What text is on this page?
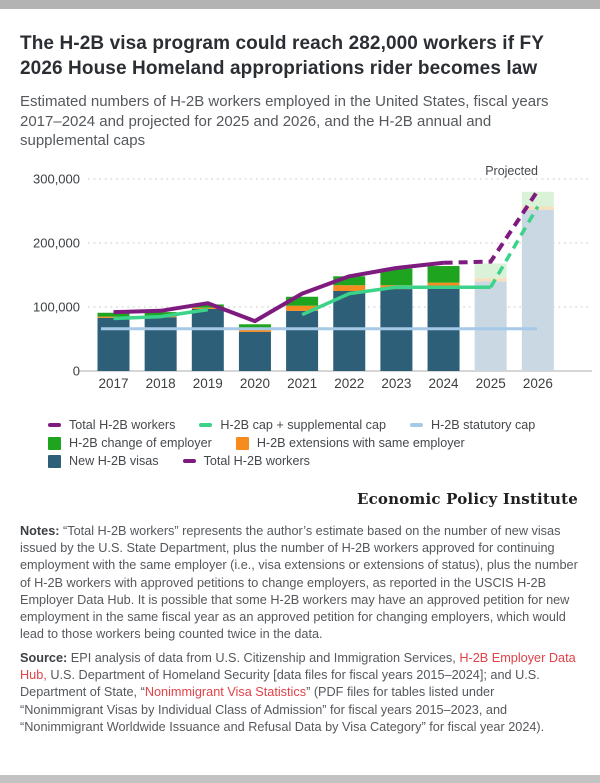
The H-2B visa program could reach 282,000 workers if FY 2026 House Homeland appropriations rider becomes law

Estimated numbers of H-2B workers employed in the United States, fiscal years 2017–2024 and projected for 2025 and 2026, and the H-2B annual and supplemental caps

0
100,000
200,000
300,000
2017 2018 2019 2020 2021 2022 2023 2024 2025 2026
Projected
Total H-2B workers	H-2B cap + supplemental cap	H-2B statutory cap
H-2B change of employer	H-2B extensions with same employer
New H-2B visas	Total H-2B workers
Economic Policy Institute

Notes: “Total H-2B workers” represents the author’s estimate based on the number of new visas issued by the U.S. State Department, plus the number of H-2B workers approved for continuing employment with the same employer (i.e., visa extensions or extensions of status), plus the number of H-2B workers with approved petitions to change employers, as reported in the USCIS H-2B Employer Data Hub. It is possible that some H-2B workers may have an approved petition for new employment in the same fiscal year as an approved petition for changing employers, which would lead to those workers being counted twice in the data.

Source: EPI analysis of data from U.S. Citizenship and Immigration Services, H-2B Employer Data Hub, U.S. Department of Homeland Security [data files for fiscal years 2015–2024]; and U.S. Department of State, “Nonimmigrant Visa Statistics” (PDF files for tables listed under “Nonimmigrant Visas by Individual Class of Admission” for fiscal years 2015–2023, and “Nonimmigrant Worldwide Issuance and Refusal Data by Visa Category” for fiscal year 2024).
